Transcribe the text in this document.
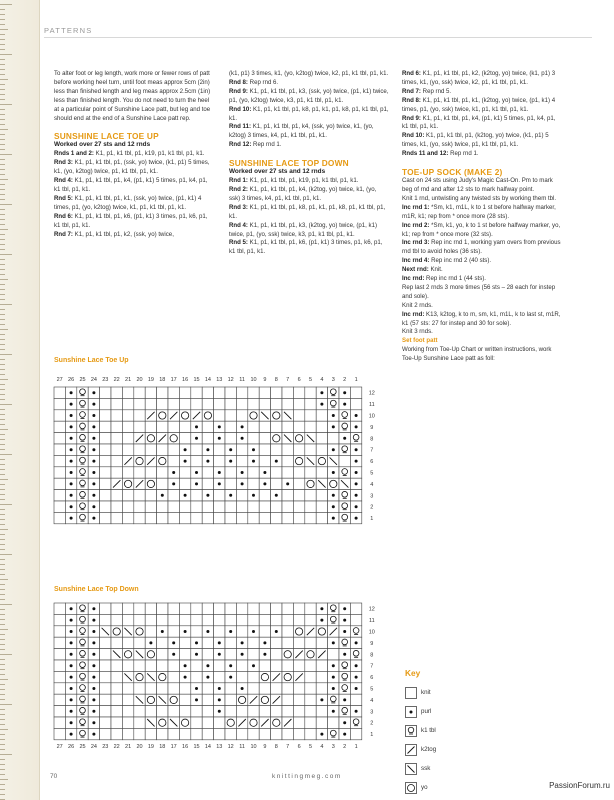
PATTERNS

To alter foot or leg length, work more or fewer rows of patt before working heel turn, until foot meas approx 5cm (2in) less than finished length and leg meas approx 2.5cm (1in) less than finished length. You do not need to turn the heel at a particular point of Sunshine Lace patt, but leg and toe should end at the end of a Sunshine Lace patt rep.

SUNSHINE LACE TOE UP
Worked over 27 sts and 12 rnds

Rnds 1 and 2: K1, p1, k1 tbl, p1, k19, p1, k1 tbl, p1, k1.

Rnd 3: K1, p1, k1 tbl, p1, (ssk, yo) twice, (k1, p1) 5 times, k1, (yo, k2tog) twice, p1, k1 tbl, p1, k1.

Rnd 4: K1, p1, k1 tbl, p1, k4, (p1, k1) 5 times, p1, k4, p1, k1 tbl, p1, k1.

Rnd 5: K1, p1, k1 tbl, p1, k1, (ssk, yo) twice, (p1, k1) 4 times, p1, (yo, k2tog) twice, k1, p1, k1 tbl, p1, k1.

Rnd 6: K1, p1, k1 tbl, p1, k6, (p1, k1) 3 times, p1, k6, p1, k1 tbl, p1, k1.

Rnd 7: K1, p1, k1 tbl, p1, k2, (ssk, yo) twice,

(k1, p1) 3 times, k1, (yo, k2tog) twice, k2, p1, k1 tbl, p1, k1.

Rnd 8: Rep rnd 6.

Rnd 9: K1, p1, k1 tbl, p1, k3, (ssk, yo) twice, (p1, k1) twice, p1, (yo, k2tog) twice, k3, p1, k1 tbl, p1, k1.

Rnd 10: K1, p1, k1 tbl, p1, k8, p1, k1, p1, k8, p1, k1 tbl, p1, k1.

Rnd 11: K1, p1, k1 tbl, p1, k4, (ssk, yo) twice, k1, (yo, k2tog) 3 times, k4, p1, k1 tbl, p1, k1.

Rnd 12: Rep rnd 1.

SUNSHINE LACE TOP DOWN
Worked over 27 sts and 12 rnds

Rnd 1: K1, p1, k1 tbl, p1, k19, p1, k1 tbl, p1, k1.

Rnd 2: K1, p1, k1 tbl, p1, k4, (k2tog, yo) twice, k1, (yo, ssk) 3 times, k4, p1, k1 tbl, p1, k1.

Rnd 3: K1, p1, k1 tbl, p1, k8, p1, k1, p1, k8, p1, k1 tbl, p1, k1.

Rnd 4: K1, p1, k1 tbl, p1, k3, (k2tog, yo) twice, (p1, k1) twice, p1, (yo, ssk) twice, k3, p1, k1 tbl, p1, k1.

Rnd 5: K1, p1, k1 tbl, p1, k6, (p1, k1) 3 times, p1, k6, p1, k1 tbl, p1, k1.

Rnd 6: K1, p1, k1 tbl, p1, k2, (k2tog, yo) twice, (k1, p1) 3 times, k1, (yo, ssk) twice, k2, p1, k1 tbl, p1, k1.

Rnd 7: Rep rnd 5.

Rnd 8: K1, p1, k1 tbl, p1, k1, (k2tog, yo) twice, (p1, k1) 4 times, p1, (yo, ssk) twice, k1, p1, k1 tbl, p1, k1.

Rnd 9: K1, p1, k1 tbl, p1, k4, (p1, k1) 5 times, p1, k4, p1, k1 tbl, p1, k1.

Rnd 10: K1, p1, k1 tbl, p1, (k2tog, yo) twice, (k1, p1) 5 times, k1, (yo, ssk) twice, p1, k1 tbl, p1, k1.

Rnds 11 and 12: Rep rnd 1.

TOE-UP SOCK (MAKE 2)

Cast on 24 sts using Judy's Magic Cast-On. Pm to mark beg of rnd and after 12 sts to mark halfway point.

Knit 1 rnd, untwisting any twisted sts by working them tbl.

Inc rnd 1: *Sm, k1, m1L, k to 1 st before halfway marker, m1R, k1; rep from * once more (28 sts).

Inc rnd 2: *Sm, k1, yo, k to 1 st before halfway marker, yo, k1; rep from * once more (32 sts).

Inc rnd 3: Rep inc rnd 1, working yarn overs from previous rnd tbl to avoid holes (36 sts).

Inc rnd 4: Rep inc rnd 2 (40 sts).

Next rnd: Knit.

Inc rnd: Rep inc rnd 1 (44 sts).

Rep last 2 rnds 3 more times (56 sts – 28 each for instep and sole).

Knit 2 rnds.

Inc rnd: K13, k2tog, k to m, sm, k1, m1L, k to last st, m1R, k1 (57 sts: 27 for instep and 30 for sole).

Knit 3 rnds.

Set foot patt

Working from Toe-Up Chart or written instructions, work Toe-Up Sunshine Lace patt as foll:

Sunshine Lace Toe Up
27 26 25 24 23 22 21 20 19 18 17 16 15 14 13 12 11 10 9 8 7 6 5 4 3 2 1
12
11
10
9
8
7
6
5
4
3
2
1
Sunshine Lace Top Down
12
11
10
9
8
7
6
5
4
3
2
1
27 26 25 24 23 22 21 20 19 18 17 16 15 14 13 12 11 10 9 8 7 6 5 4 3 2 1
Key
knit
purl
k1 tbl
k2tog
ssk
yo
70	knittingmeg.com
PassionForum.ru
